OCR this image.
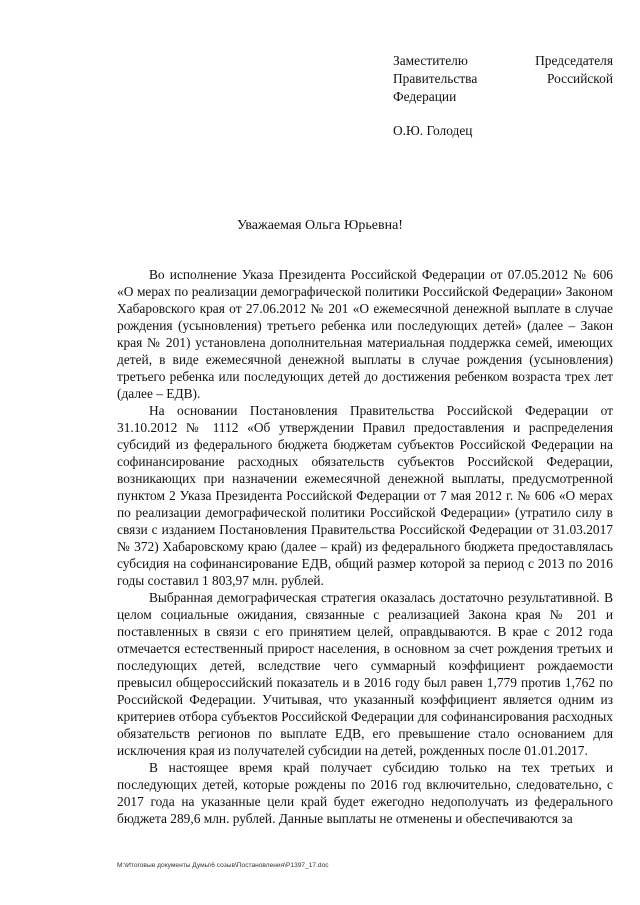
Заместителю	Председателя
Правительства	Российской
Федерации
О.Ю. Голодец
Уважаемая Ольга Юрьевна!

Во исполнение Указа Президента Российской Федерации от 07.05.2012 № 606 «О мерах по реализации демографической политики Российской Федерации» Законом Хабаровского края от 27.06.2012 № 201 «О ежемесячной денежной выплате в случае рождения (усыновления) третьего ребенка или последующих детей» (далее – Закон края № 201) установлена дополнительная материальная поддержка семей, имеющих детей, в виде ежемесячной денежной выплаты в случае рождения (усыновления) третьего ребенка или последующих детей до достижения ребенком возраста трех лет (далее – ЕДВ).

На основании Постановления Правительства Российской Федерации от 31.10.2012 № 1112 «Об утверждении Правил предоставления и распределения субсидий из федерального бюджета бюджетам субъектов Российской Федерации на софинансирование расходных обязательств субъектов Российской Федерации, возникающих при назначении ежемесячной денежной выплаты, предусмотренной пунктом 2 Указа Президента Российской Федерации от 7 мая 2012 г. № 606 «О мерах по реализации демографической политики Российской Федерации» (утратило силу в связи с изданием Постановления Правительства Российской Федерации от 31.03.2017 № 372) Хабаровскому краю (далее – край) из федерального бюджета предоставлялась субсидия на софинансирование ЕДВ, общий размер которой за период с 2013 по 2016 годы составил 1 803,97 млн. рублей.

Выбранная демографическая стратегия оказалась достаточно результативной. В целом социальные ожидания, связанные с реализацией Закона края № 201 и поставленных в связи с его принятием целей, оправдываются. В крае с 2012 года отмечается естественный прирост населения, в основном за счет рождения третьих и последующих детей, вследствие чего суммарный коэффициент рождаемости превысил общероссийский показатель и в 2016 году был равен 1,779 против 1,762 по Российской Федерации. Учитывая, что указанный коэффициент является одним из критериев отбора субъектов Российской Федерации для софинансирования расходных обязательств регионов по выплате ЕДВ, его превышение стало основанием для исключения края из получателей субсидии на детей, рожденных после 01.01.2017.

В настоящее время край получает субсидию только на тех третьих и последующих детей, которые рождены по 2016 год включительно, следовательно, с 2017 года на указанные цели край будет ежегодно недополучать из федерального бюджета 289,6 млн. рублей. Данные выплаты не отменены и обеспечиваются за

M:\Итоговые документы Думы\6 созыв\Постановления\P1397_17.doc
